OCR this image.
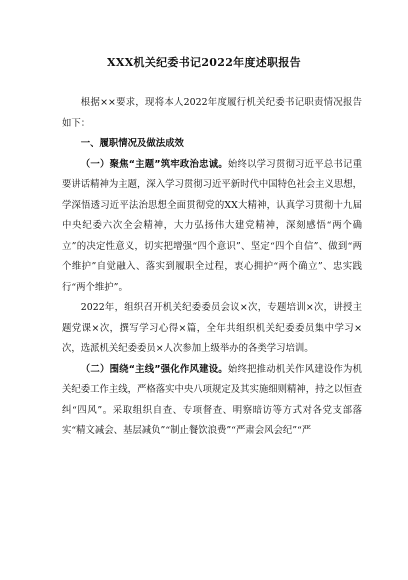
XXX机关纪委书记2022年度述职报告

根据××要求，现将本人2022年度履行机关纪委书记职责情况报告如下：

一、履职情况及做法成效

（一）聚焦“主题”筑牢政治忠诚。始终以学习贯彻习近平总书记重要讲话精神为主题，深入学习贯彻习近平新时代中国特色社会主义思想，学深悟透习近平法治思想全面贯彻党的XX大精神，认真学习贯彻十九届中央纪委六次全会精神，大力弘扬伟大建党精神，深刻感悟“两个确立”的决定性意义，切实把增强“四个意识”、坚定“四个自信”、做到“两个维护”自觉融入、落实到履职全过程，衷心拥护“两个确立”、忠实践行“两个维护”。

2022年，组织召开机关纪委委员会议×次，专题培训×次，讲授主题党课×次，撰写学习心得×篇，全年共组织机关纪委委员集中学习×次，选派机关纪委委员×人次参加上级举办的各类学习培训。

（二）围绕“主线”强化作风建设。始终把推动机关作风建设作为机关纪委工作主线，严格落实中央八项规定及其实施细则精神，持之以恒查纠“四风”。采取组织自查、专项督查、明察暗访等方式对各党支部落实“精文减会、基层减负”“制止餐饮浪费”“严肃会风会纪”“严
